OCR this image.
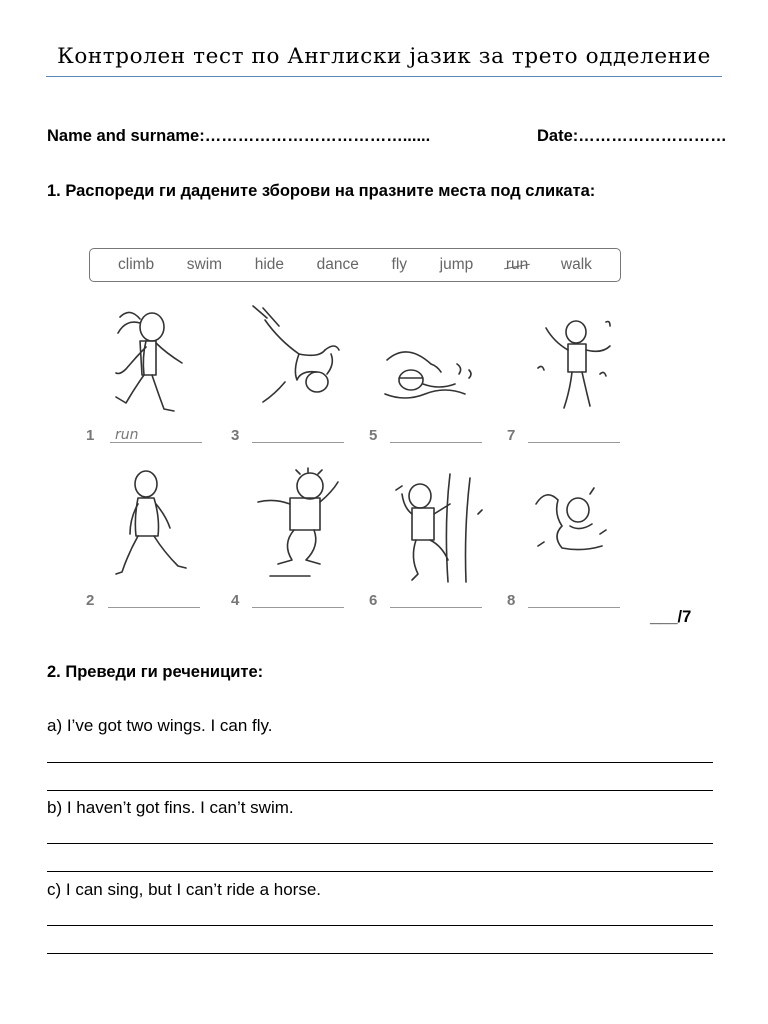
Контролен тест по Англиски јазик за трето одделение
Name and surname:………………………………......	Date:………………………
1. Распореди ги дадените зборови на празните места под сликата:
climb swim hide dance fly jump run walk
1 run
2
3
4
5
6
7
8
___/7
2. Преведи ги речениците:
a) I’ve got two wings. I can fly.
b) I haven’t got fins. I can’t swim.
c) I can sing, but I can’t ride a horse.
